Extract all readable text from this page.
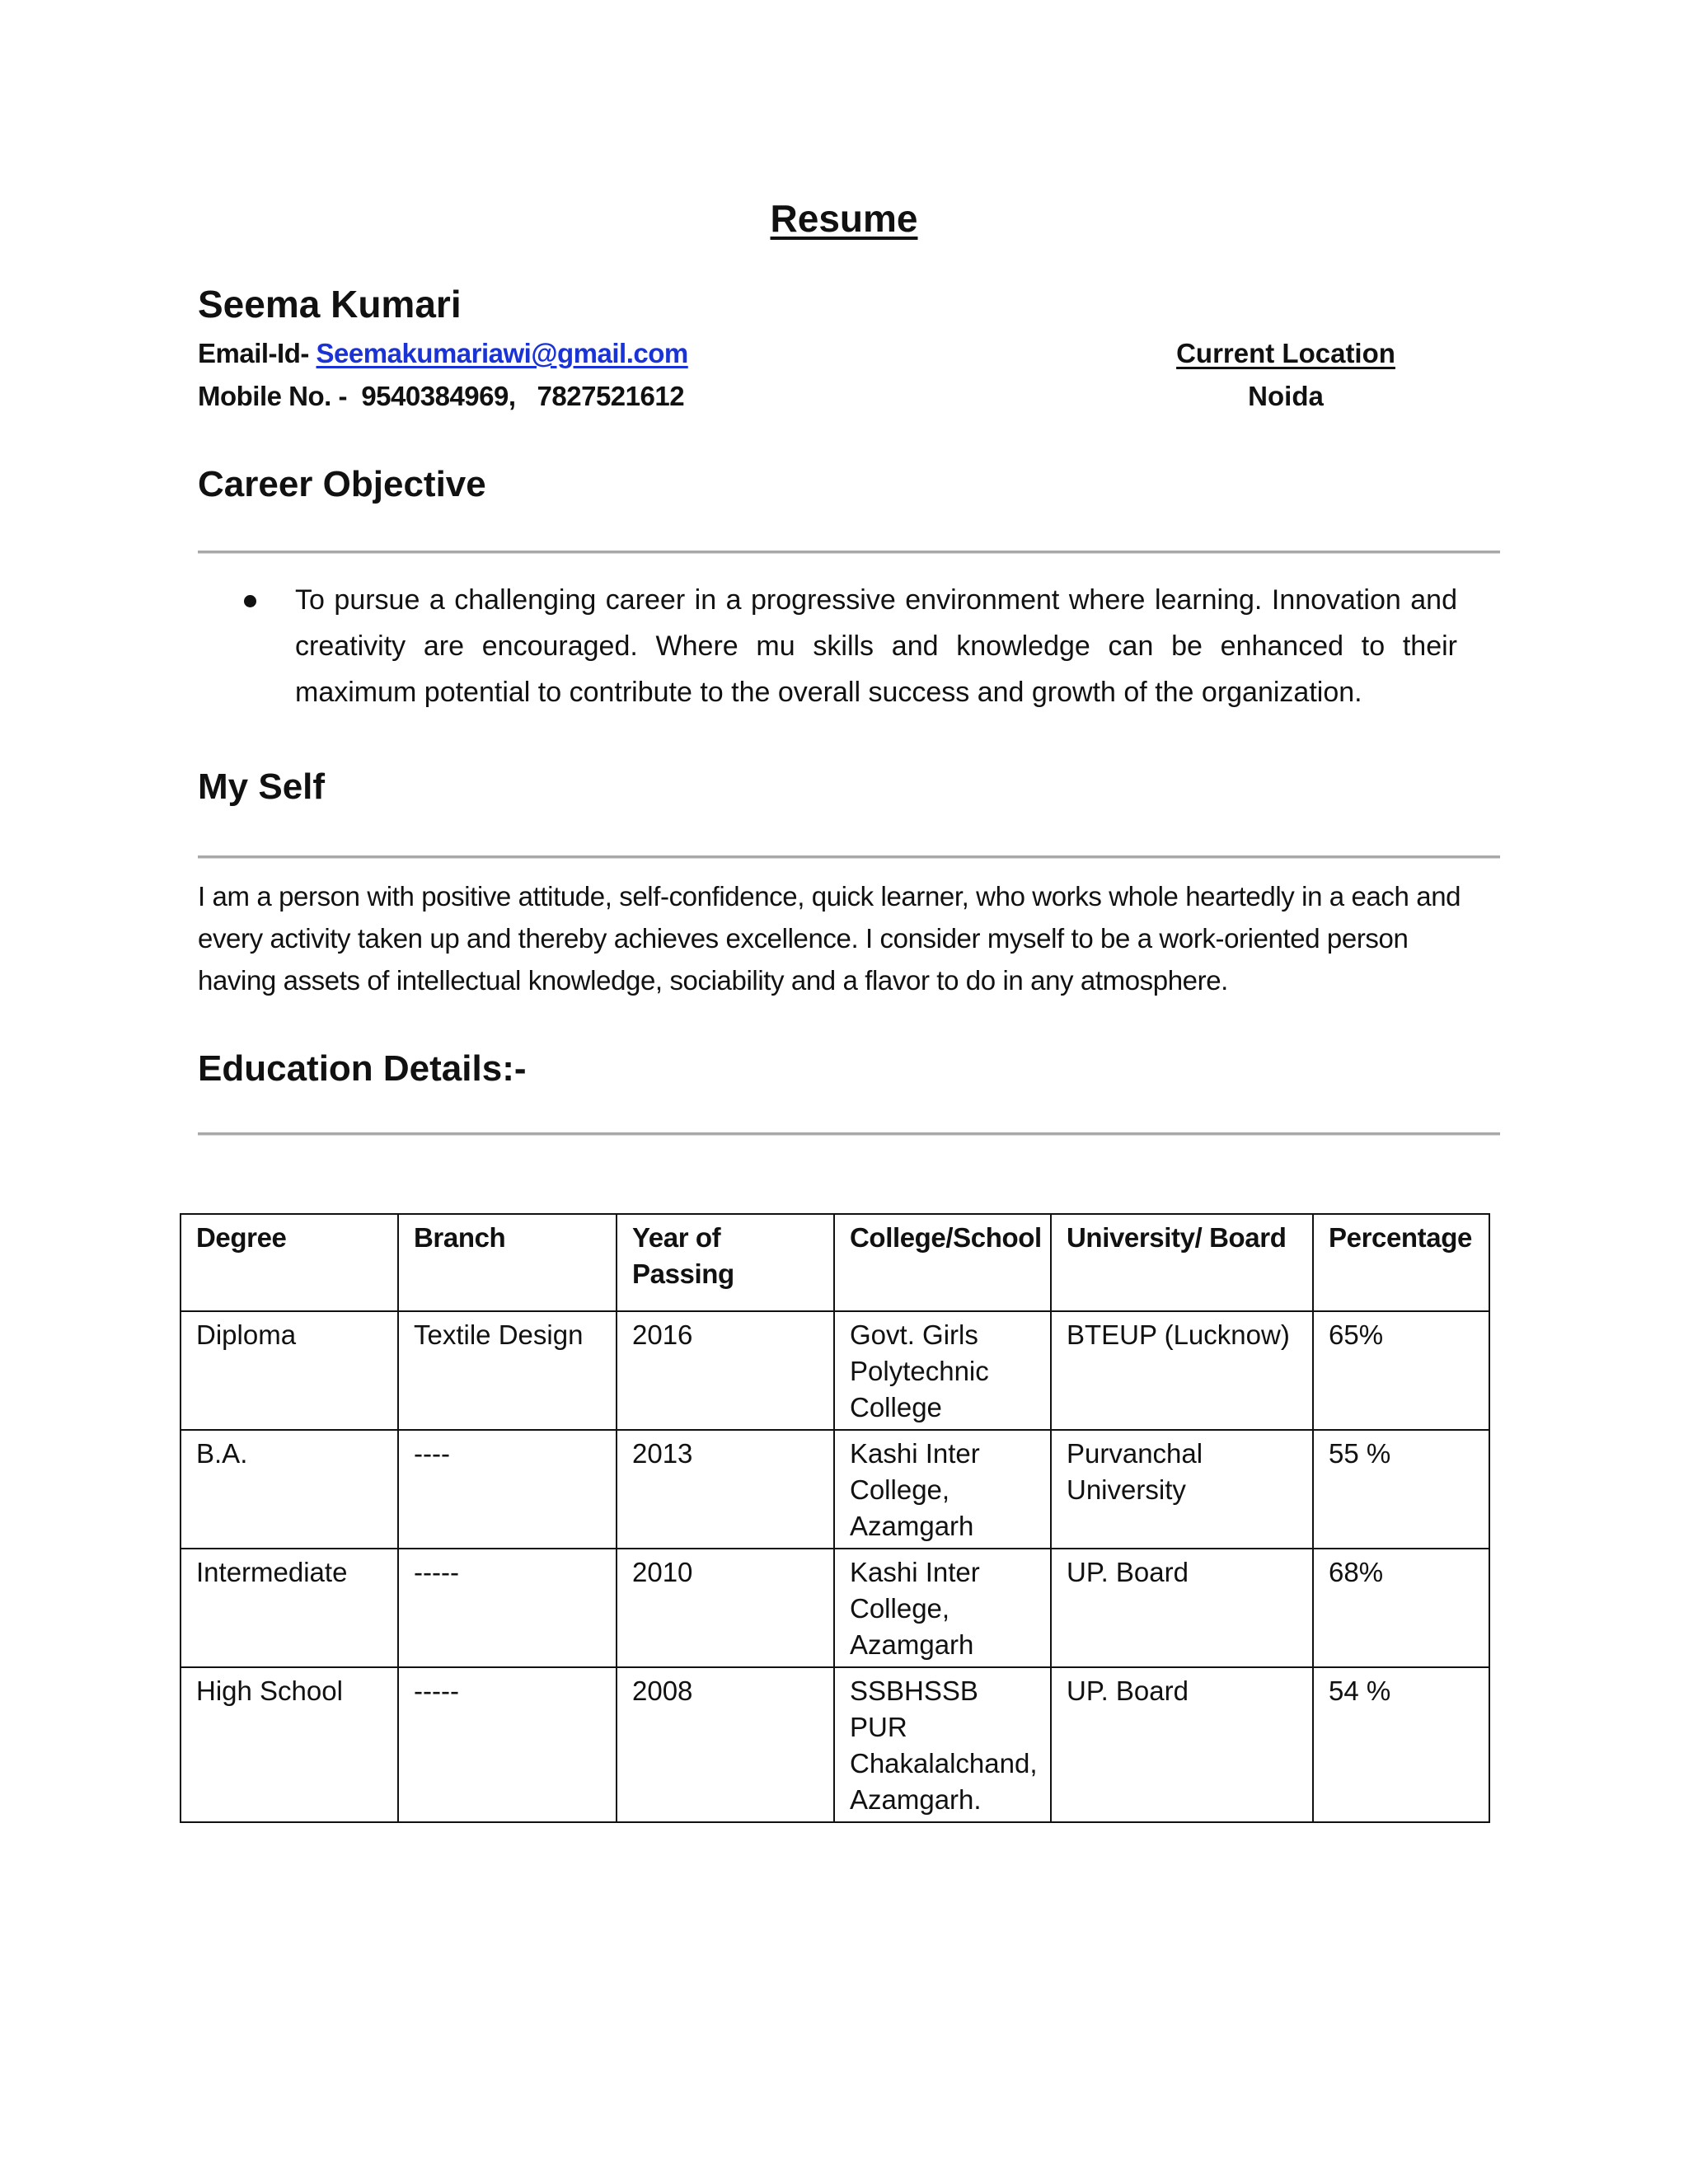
Resume
Seema Kumari
Email-Id- Seemakumariawi@gmail.com
Mobile No. -  9540384969,   7827521612
Current Location
Noida
Career Objective
To pursue a challenging career in a progressive environment where learning. Innovation and creativity are encouraged. Where mu skills and knowledge can be enhanced to their maximum potential to contribute to the overall success and growth of the organization.
My Self
I am a person with positive attitude, self-confidence, quick learner, who works whole heartedly in a each and every activity taken up and thereby achieves excellence. I consider myself to be a work-oriented person having assets of intellectual knowledge, sociability and a flavor to do in any atmosphere.
Education Details:-
Degree	Branch	Year of Passing	College/School	University/ Board	Percentage
Diploma	Textile Design	2016	Govt. Girls Polytechnic College	BTEUP (Lucknow)	65%
B.A.	----	2013	Kashi Inter College, Azamgarh	Purvanchal University	55 %
Intermediate	-----	2010	Kashi Inter College, Azamgarh	UP. Board	68%
High School	-----	2008	SSBHSSB PUR Chakalalchand, Azamgarh.	UP. Board	54 %
